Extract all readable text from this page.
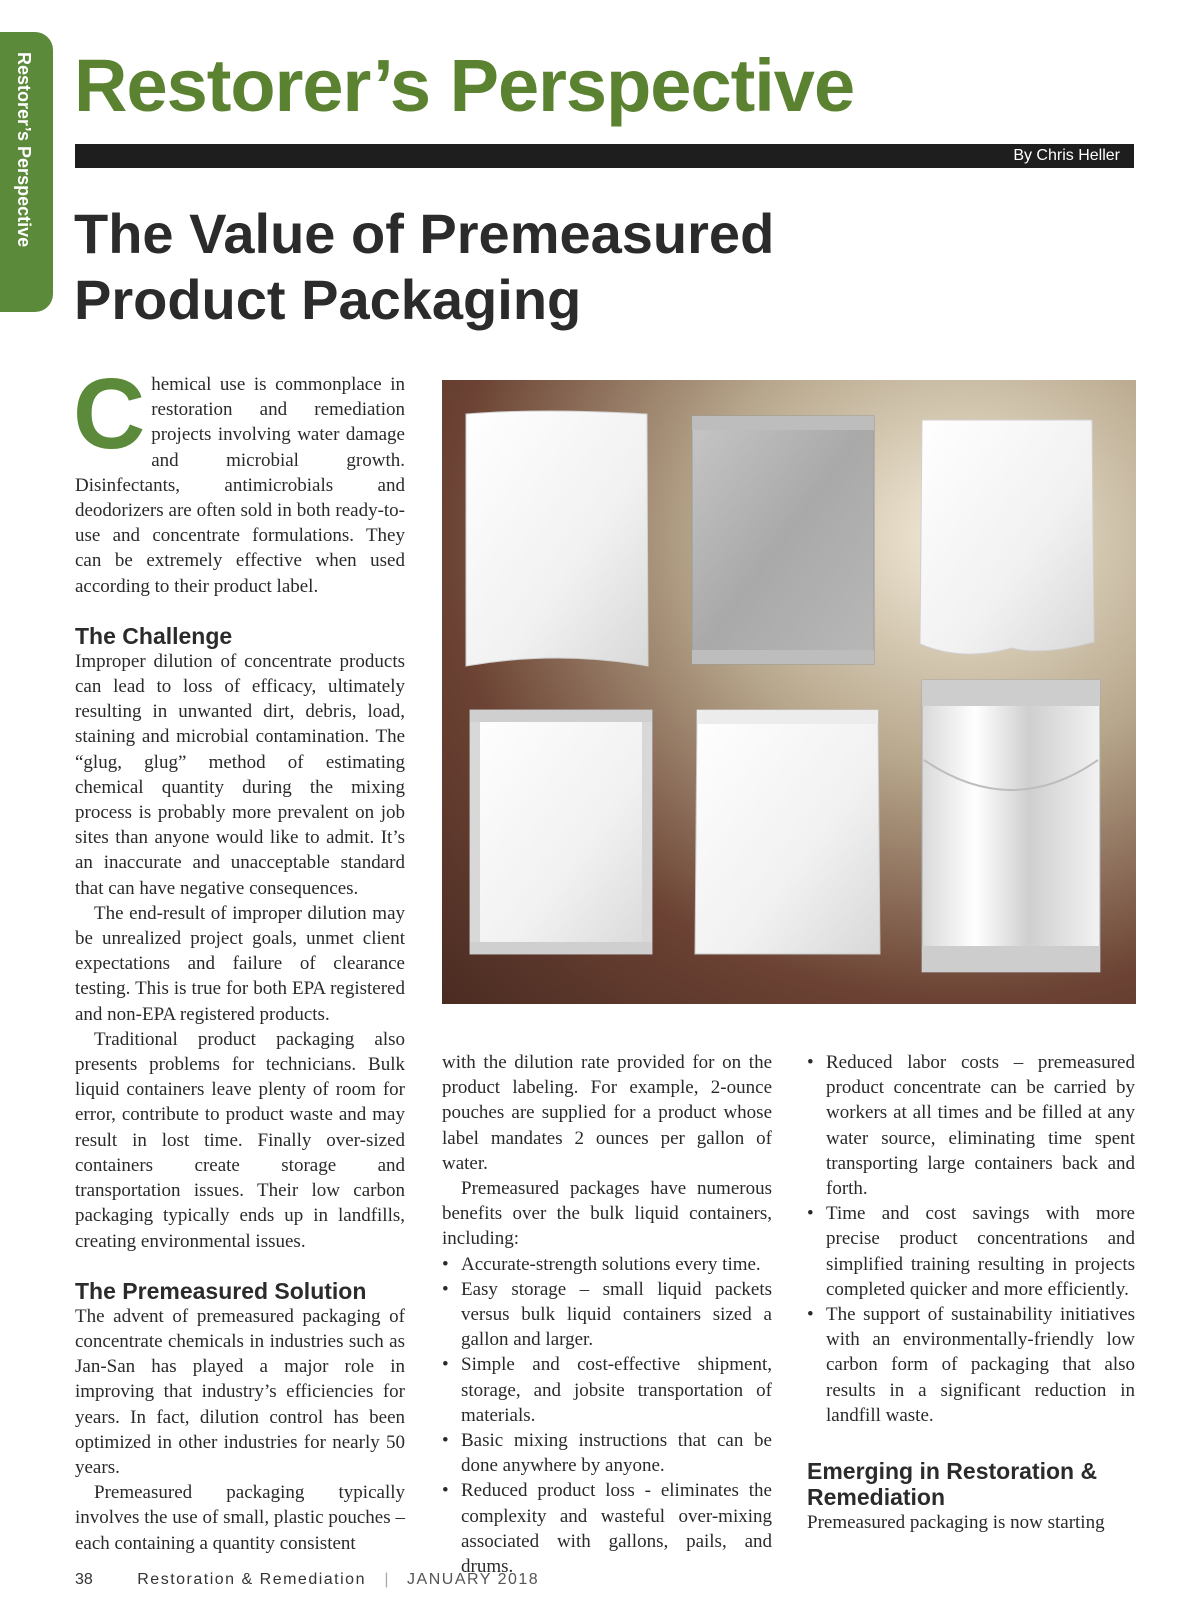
Restorer’s Perspective Restorer’s Perspective
By Chris Heller
The Value of Premeasured
Product Packaging

Chemical use is commonplace in restoration and remediation projects involving water damage and microbial growth. Disinfectants, antimicrobials and deodorizers are often sold in both ready-to-use and concentrate formulations. They can be extremely effective when used according to their product label.

The Challenge

Improper dilution of concentrate products can lead to loss of efficacy, ultimately resulting in unwanted dirt, debris, load, staining and microbial contamination. The “glug, glug” method of estimating chemical quantity during the mixing process is probably more prevalent on job sites than anyone would like to admit. It’s an inaccurate and unacceptable standard that can have negative consequences.

The end-result of improper dilution may be unrealized project goals, unmet client expectations and failure of clearance testing. This is true for both EPA registered and non-EPA registered products.

Traditional product packaging also presents problems for technicians. Bulk liquid containers leave plenty of room for error, contribute to product waste and may result in lost time. Finally over-sized containers create storage and transportation issues. Their low carbon packaging typically ends up in landfills, creating environmental issues.

The Premeasured Solution

The advent of premeasured packaging of concentrate chemicals in industries such as Jan-San has played a major role in improving that industry’s efficiencies for years. In fact, dilution control has been optimized in other industries for nearly 50 years.

Premeasured packaging typically involves the use of small, plastic pouches – each containing a quantity consistent

with the dilution rate provided for on the product labeling. For example, 2-ounce pouches are supplied for a product whose label mandates 2 ounces per gallon of water.

Premeasured packages have numerous benefits over the bulk liquid containers, including:

• Accurate-strength solutions every time.
• Easy storage – small liquid packets versus bulk liquid containers sized a gallon and larger.
• Simple and cost-effective shipment, storage, and jobsite transportation of materials.
• Basic mixing instructions that can be done anywhere by anyone.
• Reduced product loss - eliminates the complexity and wasteful over-mixing associated with gallons, pails, and drums.
• Reduced labor costs – premeasured product concentrate can be carried by workers at all times and be filled at any water source, eliminating time spent transporting large containers back and forth.
• Time and cost savings with more precise product concentrations and simplified training resulting in projects completed quicker and more efficiently.
• The support of sustainability initiatives with an environmentally-friendly low carbon form of packaging that also results in a significant reduction in landfill waste.
Emerging in Restoration & Remediation

Premeasured packaging is now starting

38	Restoration & Remediation | JANUARY 2018
